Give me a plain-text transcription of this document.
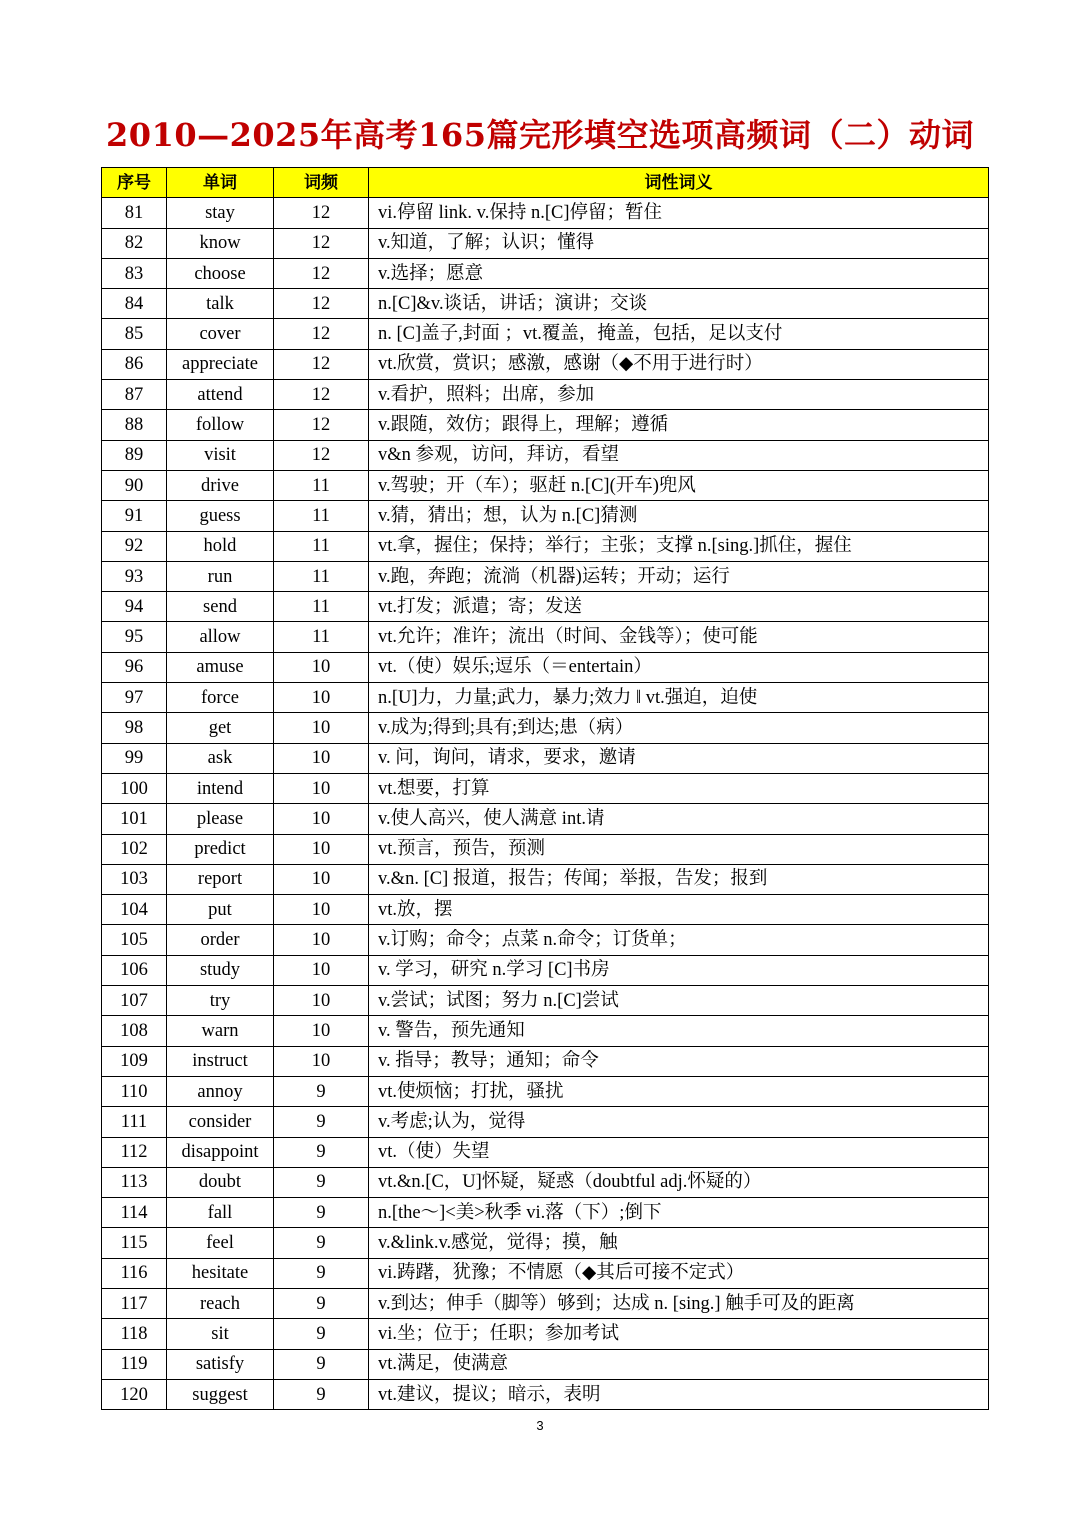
2010—2025年高考165篇完形填空选项高频词（二）动词
序号	单词	词频	词性词义
81	stay	12	vi.停留 link. v.保持 n.[C]停留；暂住
82	know	12	v.知道，了解；认识；懂得
83	choose	12	v.选择；愿意
84	talk	12	n.[C]&v.谈话，讲话；演讲；交谈
85	cover	12	n. [C]盖子,封面 ；vt.覆盖，掩盖，包括，足以支付
86	appreciate	12	vt.欣赏，赏识；感激，感谢（◆不用于进行时）
87	attend	12	v.看护，照料；出席，参加
88	follow	12	v.跟随，效仿；跟得上，理解；遵循
89	visit	12	v&n 参观，访问，拜访，看望
90	drive	11	v.驾驶；开（车）；驱赶 n.[C](开车)兜风
91	guess	11	v.猜，猜出；想，认为 n.[C]猜测
92	hold	11	vt.拿，握住；保持；举行；主张；支撑 n.[sing.]抓住，握住
93	run	11	v.跑，奔跑；流淌（机器)运转；开动；运行
94	send	11	vt.打发；派遣；寄；发送
95	allow	11	vt.允许；准许；流出（时间、金钱等）；使可能
96	amuse	10	vt.（使）娱乐;逗乐（＝entertain）
97	force	10	n.[U]力，力量;武力，暴力;效力 ‖ vt.强迫，迫使
98	get	10	v.成为;得到;具有;到达;患（病）
99	ask	10	v. 问，询问，请求，要求，邀请
100	intend	10	vt.想要，打算
101	please	10	v.使人高兴，使人满意 int.请
102	predict	10	vt.预言，预告，预测
103	report	10	v.&n. [C] 报道，报告；传闻；举报，告发；报到
104	put	10	vt.放，摆
105	order	10	v.订购；命令；点菜 n.命令；订货单；
106	study	10	v. 学习，研究 n.学习 [C]书房
107	try	10	v.尝试；试图；努力 n.[C]尝试
108	warn	10	v. 警告，预先通知
109	instruct	10	v. 指导；教导；通知；命令
110	annoy	9	vt.使烦恼；打扰，骚扰
111	consider	9	v.考虑;认为，觉得
112	disappoint	9	vt.（使）失望
113	doubt	9	vt.&n.[C，U]怀疑，疑惑（doubtful adj.怀疑的）
114	fall	9	n.[the～]<美>秋季 vi.落（下）;倒下
115	feel	9	v.&link.v.感觉，觉得；摸，触
116	hesitate	9	vi.踌躇，犹豫；不情愿（◆其后可接不定式）
117	reach	9	v.到达；伸手（脚等）够到；达成 n. [sing.] 触手可及的距离
118	sit	9	vi.坐；位于；任职；参加考试
119	satisfy	9	vt.满足，使满意
120	suggest	9	vt.建议，提议；暗示，表明
3
